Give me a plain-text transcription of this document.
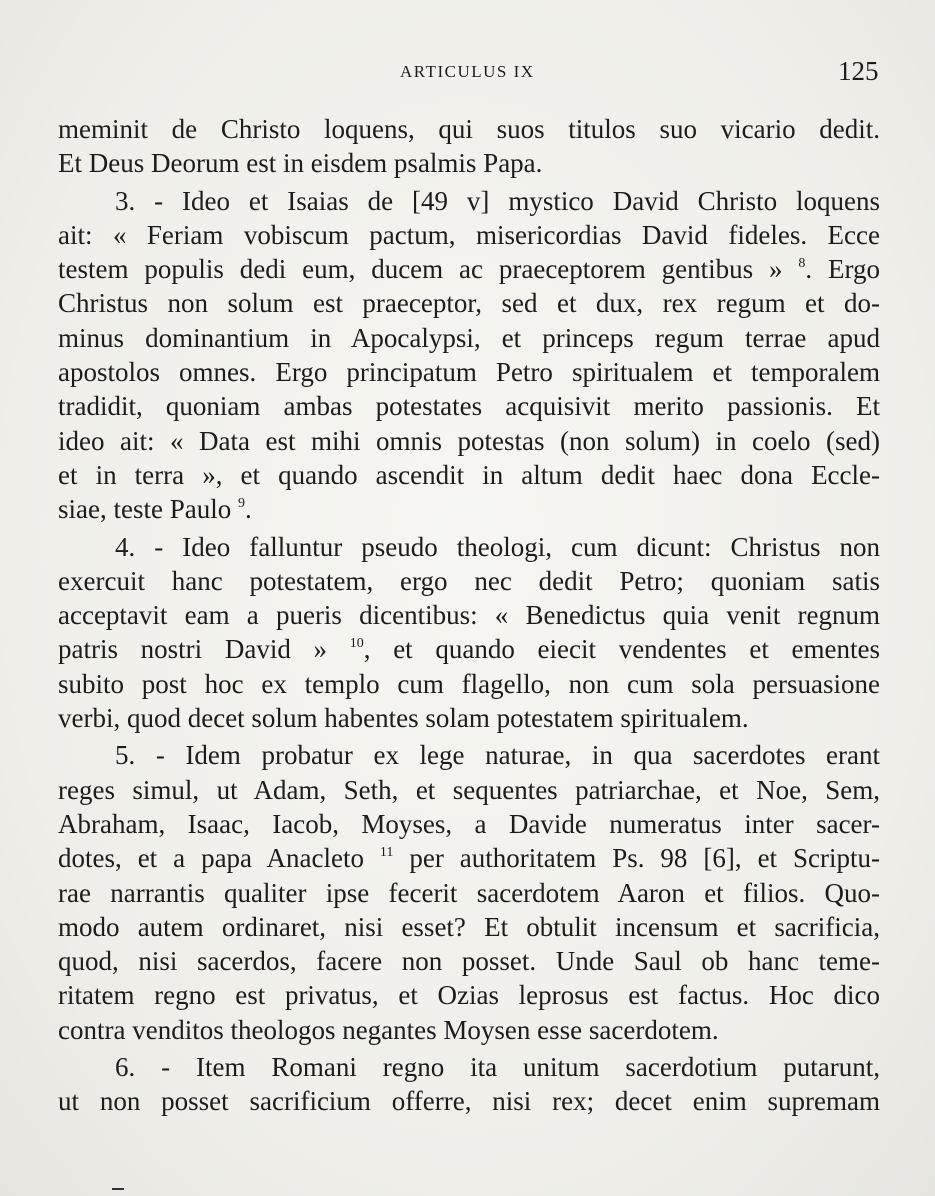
ARTICULUS IX	125
meminit de Christo loquens, qui suos titulos suo vicario dedit.
Et Deus Deorum est in eisdem psalmis Papa.
3. - Ideo et Isaias de [49 v] mystico David Christo loquens
ait: « Feriam vobiscum pactum, misericordias David fideles. Ecce
testem populis dedi eum, ducem ac praeceptorem gentibus » $^8$. Ergo
Christus non solum est praeceptor, sed et dux, rex regum et do-
minus dominantium in Apocalypsi, et princeps regum terrae apud
apostolos omnes. Ergo principatum Petro spiritualem et temporalem
tradidit, quoniam ambas potestates acquisivit merito passionis. Et
ideo ait: « Data est mihi omnis potestas (non solum) in coelo (sed)
et in terra », et quando ascendit in altum dedit haec dona Eccle-
siae, teste Paulo $^9$.
4. - Ideo falluntur pseudo theologi, cum dicunt: Christus non
exercuit hanc potestatem, ergo nec dedit Petro; quoniam satis
acceptavit eam a pueris dicentibus: « Benedictus quia venit regnum
patris nostri David » $^{10}$, et quando eiecit vendentes et ementes
subito post hoc ex templo cum flagello, non cum sola persuasione
verbi, quod decet solum habentes solam potestatem spiritualem.
5. - Idem probatur ex lege naturae, in qua sacerdotes erant
reges simul, ut Adam, Seth, et sequentes patriarchae, et Noe, Sem,
Abraham, Isaac, Iacob, Moyses, a Davide numeratus inter sacer-
dotes, et a papa Anacleto $^{11}$ per authoritatem Ps. 98 [6], et Scriptu-
rae narrantis qualiter ipse fecerit sacerdotem Aaron et filios. Quo-
modo autem ordinaret, nisi esset? Et obtulit incensum et sacrificia,
quod, nisi sacerdos, facere non posset. Unde Saul ob hanc teme-
ritatem regno est privatus, et Ozias leprosus est factus. Hoc dico
contra venditos theologos negantes Moysen esse sacerdotem.
6. - Item Romani regno ita unitum sacerdotium putarunt,
ut non posset sacrificium offerre, nisi rex; decet enim supremam
